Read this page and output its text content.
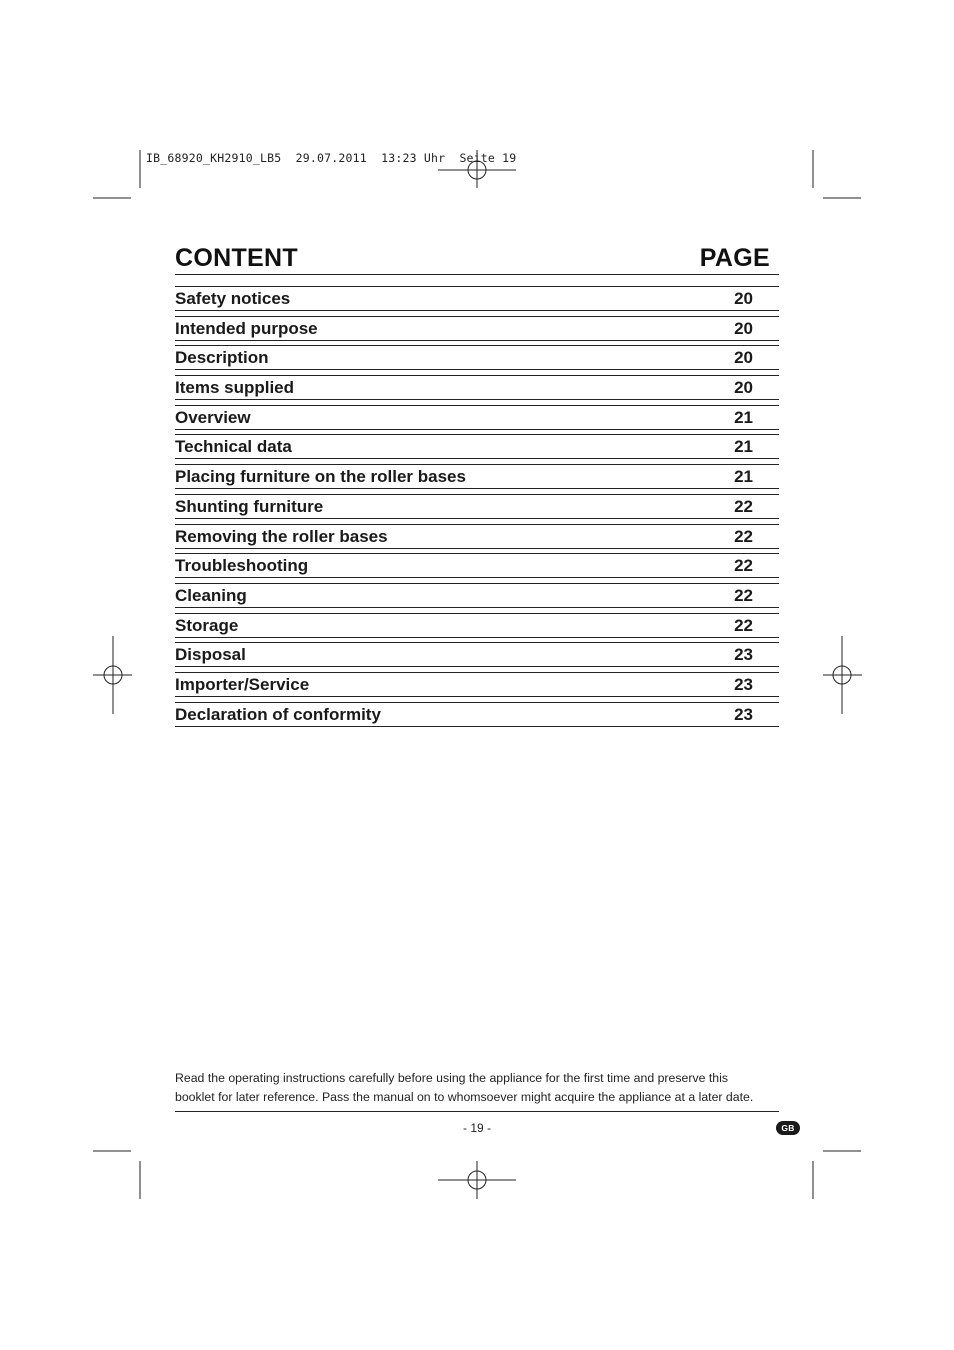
IB_68920_KH2910_LB5  29.07.2011  13:23 Uhr  Seite 19
CONTENT	PAGE
Safety notices	20
Intended purpose	20
Description	20
Items supplied	20
Overview	21
Technical data	21
Placing furniture on the roller bases	21
Shunting furniture	22
Removing the roller bases	22
Troubleshooting	22
Cleaning	22
Storage	22
Disposal	23
Importer/Service	23
Declaration of conformity	23
Read the operating instructions carefully before using the appliance for the first time and preserve this
booklet for later reference. Pass the manual on to whomsoever might acquire the appliance at a later date.
- 19 -	GB
